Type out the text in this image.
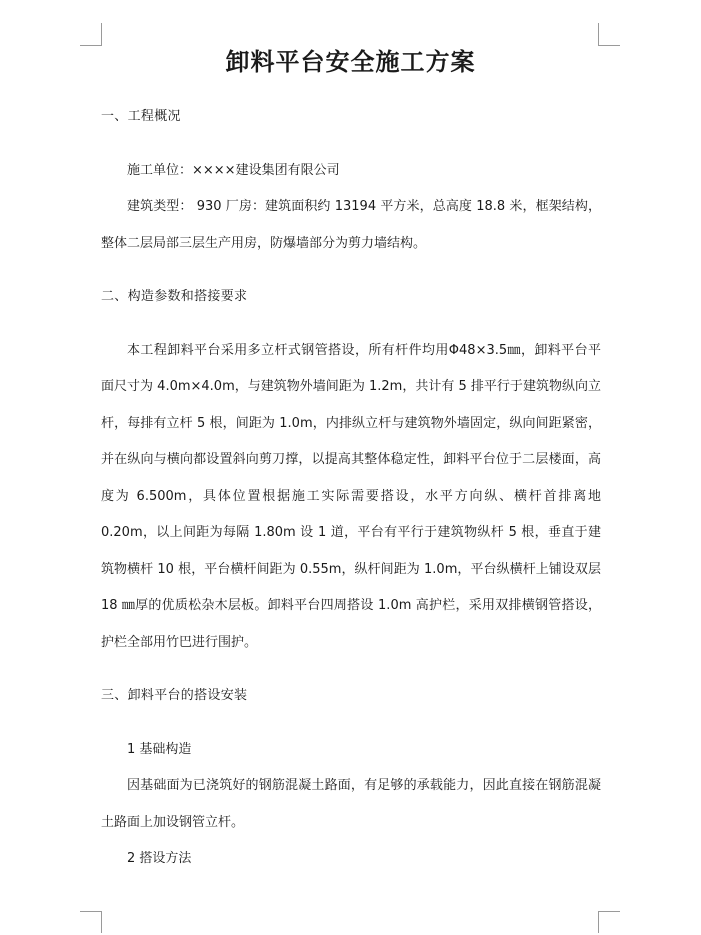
卸料平台安全施工方案

一、工程概况

施工单位：××××建设集团有限公司

建筑类型： 930 厂房：建筑面积约 13194 平方米，总高度 18.8 米，框架结构，整体二层局部三层生产用房，防爆墙部分为剪力墙结构。

二、构造参数和搭接要求

本工程卸料平台采用多立杆式钢管搭设，所有杆件均用Φ48×3.5㎜，卸料平台平面尺寸为 4.0m×4.0m，与建筑物外墙间距为 1.2m，共计有 5 排平行于建筑物纵向立杆，每排有立杆 5 根，间距为 1.0m，内排纵立杆与建筑物外墙固定，纵向间距紧密，并在纵向与横向都设置斜向剪刀撑，以提高其整体稳定性，卸料平台位于二层楼面，高度为 6.500m，具体位置根据施工实际需要搭设，水平方向纵、横杆首排离地 0.20m，以上间距为每隔 1.80m 设 1 道，平台有平行于建筑物纵杆 5 根，垂直于建筑物横杆 10 根，平台横杆间距为 0.55m，纵杆间距为 1.0m，平台纵横杆上铺设双层 18 ㎜厚的优质松杂木层板。卸料平台四周搭设 1.0m 高护栏，采用双排横钢管搭设，护栏全部用竹巴进行围护。

三、卸料平台的搭设安装

1 基础构造

因基础面为已浇筑好的钢筋混凝土路面，有足够的承载能力，因此直接在钢筋混凝土路面上加设钢管立杆。

2 搭设方法
